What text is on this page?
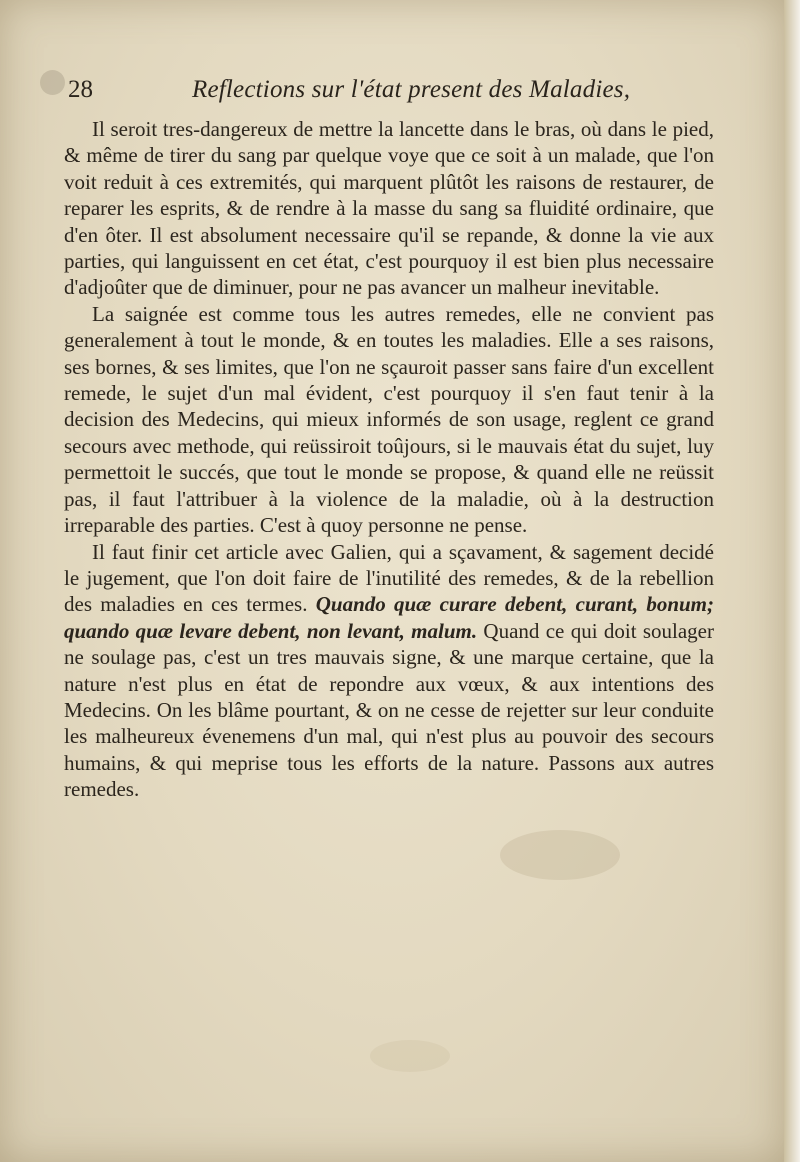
28	Reflections sur l'état present des Maladies,

Il seroit tres-dangereux de mettre la lancette dans le bras, où dans le pied, & même de tirer du sang par quelque voye que ce soit à un malade, que l'on voit reduit à ces extremités, qui marquent plûtôt les raisons de restaurer, de reparer les esprits, & de rendre à la masse du sang sa fluidité ordinaire, que d'en ôter. Il est absolument necessaire qu'il se repande, & donne la vie aux parties, qui languissent en cet état, c'est pourquoy il est bien plus necessaire d'adjoûter que de diminuer, pour ne pas avancer un malheur inevitable.

La saignée est comme tous les autres remedes, elle ne convient pas generalement à tout le monde, & en toutes les maladies. Elle a ses raisons, ses bornes, & ses limites, que l'on ne sçauroit passer sans faire d'un excellent remede, le sujet d'un mal évident, c'est pourquoy il s'en faut tenir à la decision des Medecins, qui mieux informés de son usage, reglent ce grand secours avec methode, qui reüssiroit toûjours, si le mauvais état du sujet, luy permettoit le succés, que tout le monde se propose, & quand elle ne reüssit pas, il faut l'attribuer à la violence de la maladie, où à la destruction irreparable des parties. C'est à quoy personne ne pense.

Il faut finir cet article avec Galien, qui a sçavament, & sagement decidé le jugement, que l'on doit faire de l'inutilité des remedes, & de la rebellion des maladies en ces termes. Quando quæ curare debent, curant, bonum; quando quæ levare debent, non levant, malum. Quand ce qui doit soulager ne soulage pas, c'est un tres mauvais signe, & une marque certaine, que la nature n'est plus en état de repondre aux vœux, & aux intentions des Medecins. On les blâme pourtant, & on ne cesse de rejetter sur leur conduite les malheureux évenemens d'un mal, qui n'est plus au pouvoir des secours humains, & qui meprise tous les efforts de la nature. Passons aux autres remedes.
